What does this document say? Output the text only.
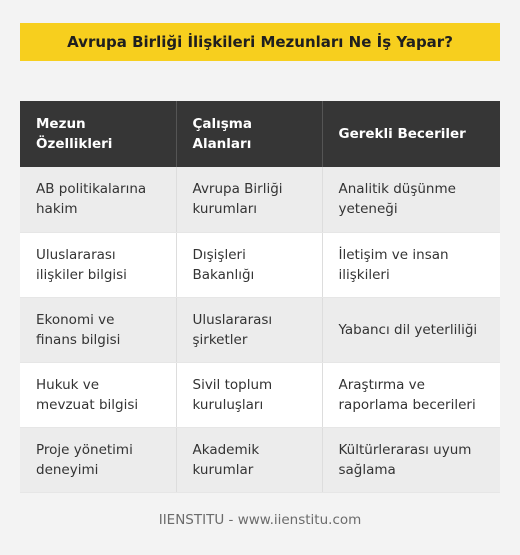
Avrupa Birliği İlişkileri Mezunları Ne İş Yapar?
Mezun Özellikleri	Çalışma Alanları	Gerekli Beceriler
AB politikalarına hakim	Avrupa Birliği kurumları	Analitik düşünme yeteneği
Uluslararası ilişkiler bilgisi	Dışişleri Bakanlığı	İletişim ve insan ilişkileri
Ekonomi ve finans bilgisi	Uluslararası şirketler	Yabancı dil yeterliliği
Hukuk ve mevzuat bilgisi	Sivil toplum kuruluşları	Araştırma ve raporlama becerileri
Proje yönetimi deneyimi	Akademik kurumlar	Kültürlerarası uyum sağlama
IIENSTITU - www.iienstitu.com
